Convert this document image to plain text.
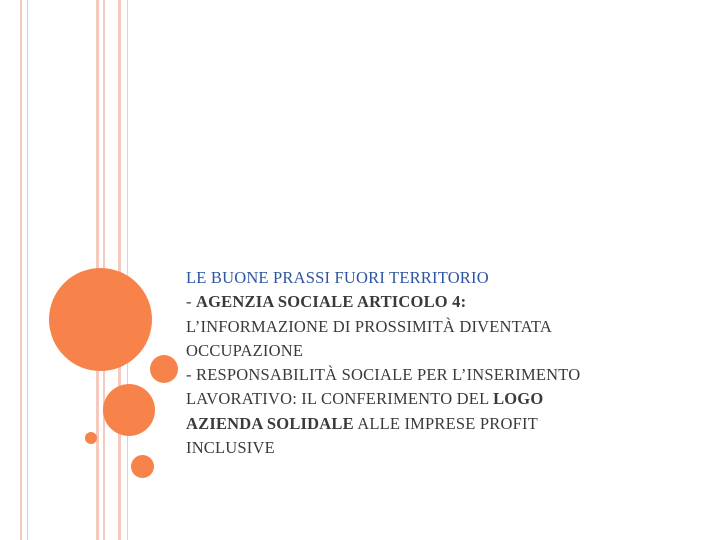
LE BUONE PRASSI FUORI TERRITORIO
- AGENZIA SOCIALE ARTICOLO 4:
L’INFORMAZIONE DI PROSSIMITÀ DIVENTATA
OCCUPAZIONE
- RESPONSABILITÀ SOCIALE PER L’INSERIMENTO
LAVORATIVO: IL CONFERIMENTO DEL LOGO
AZIENDA SOLIDALE ALLE IMPRESE PROFIT
INCLUSIVE
